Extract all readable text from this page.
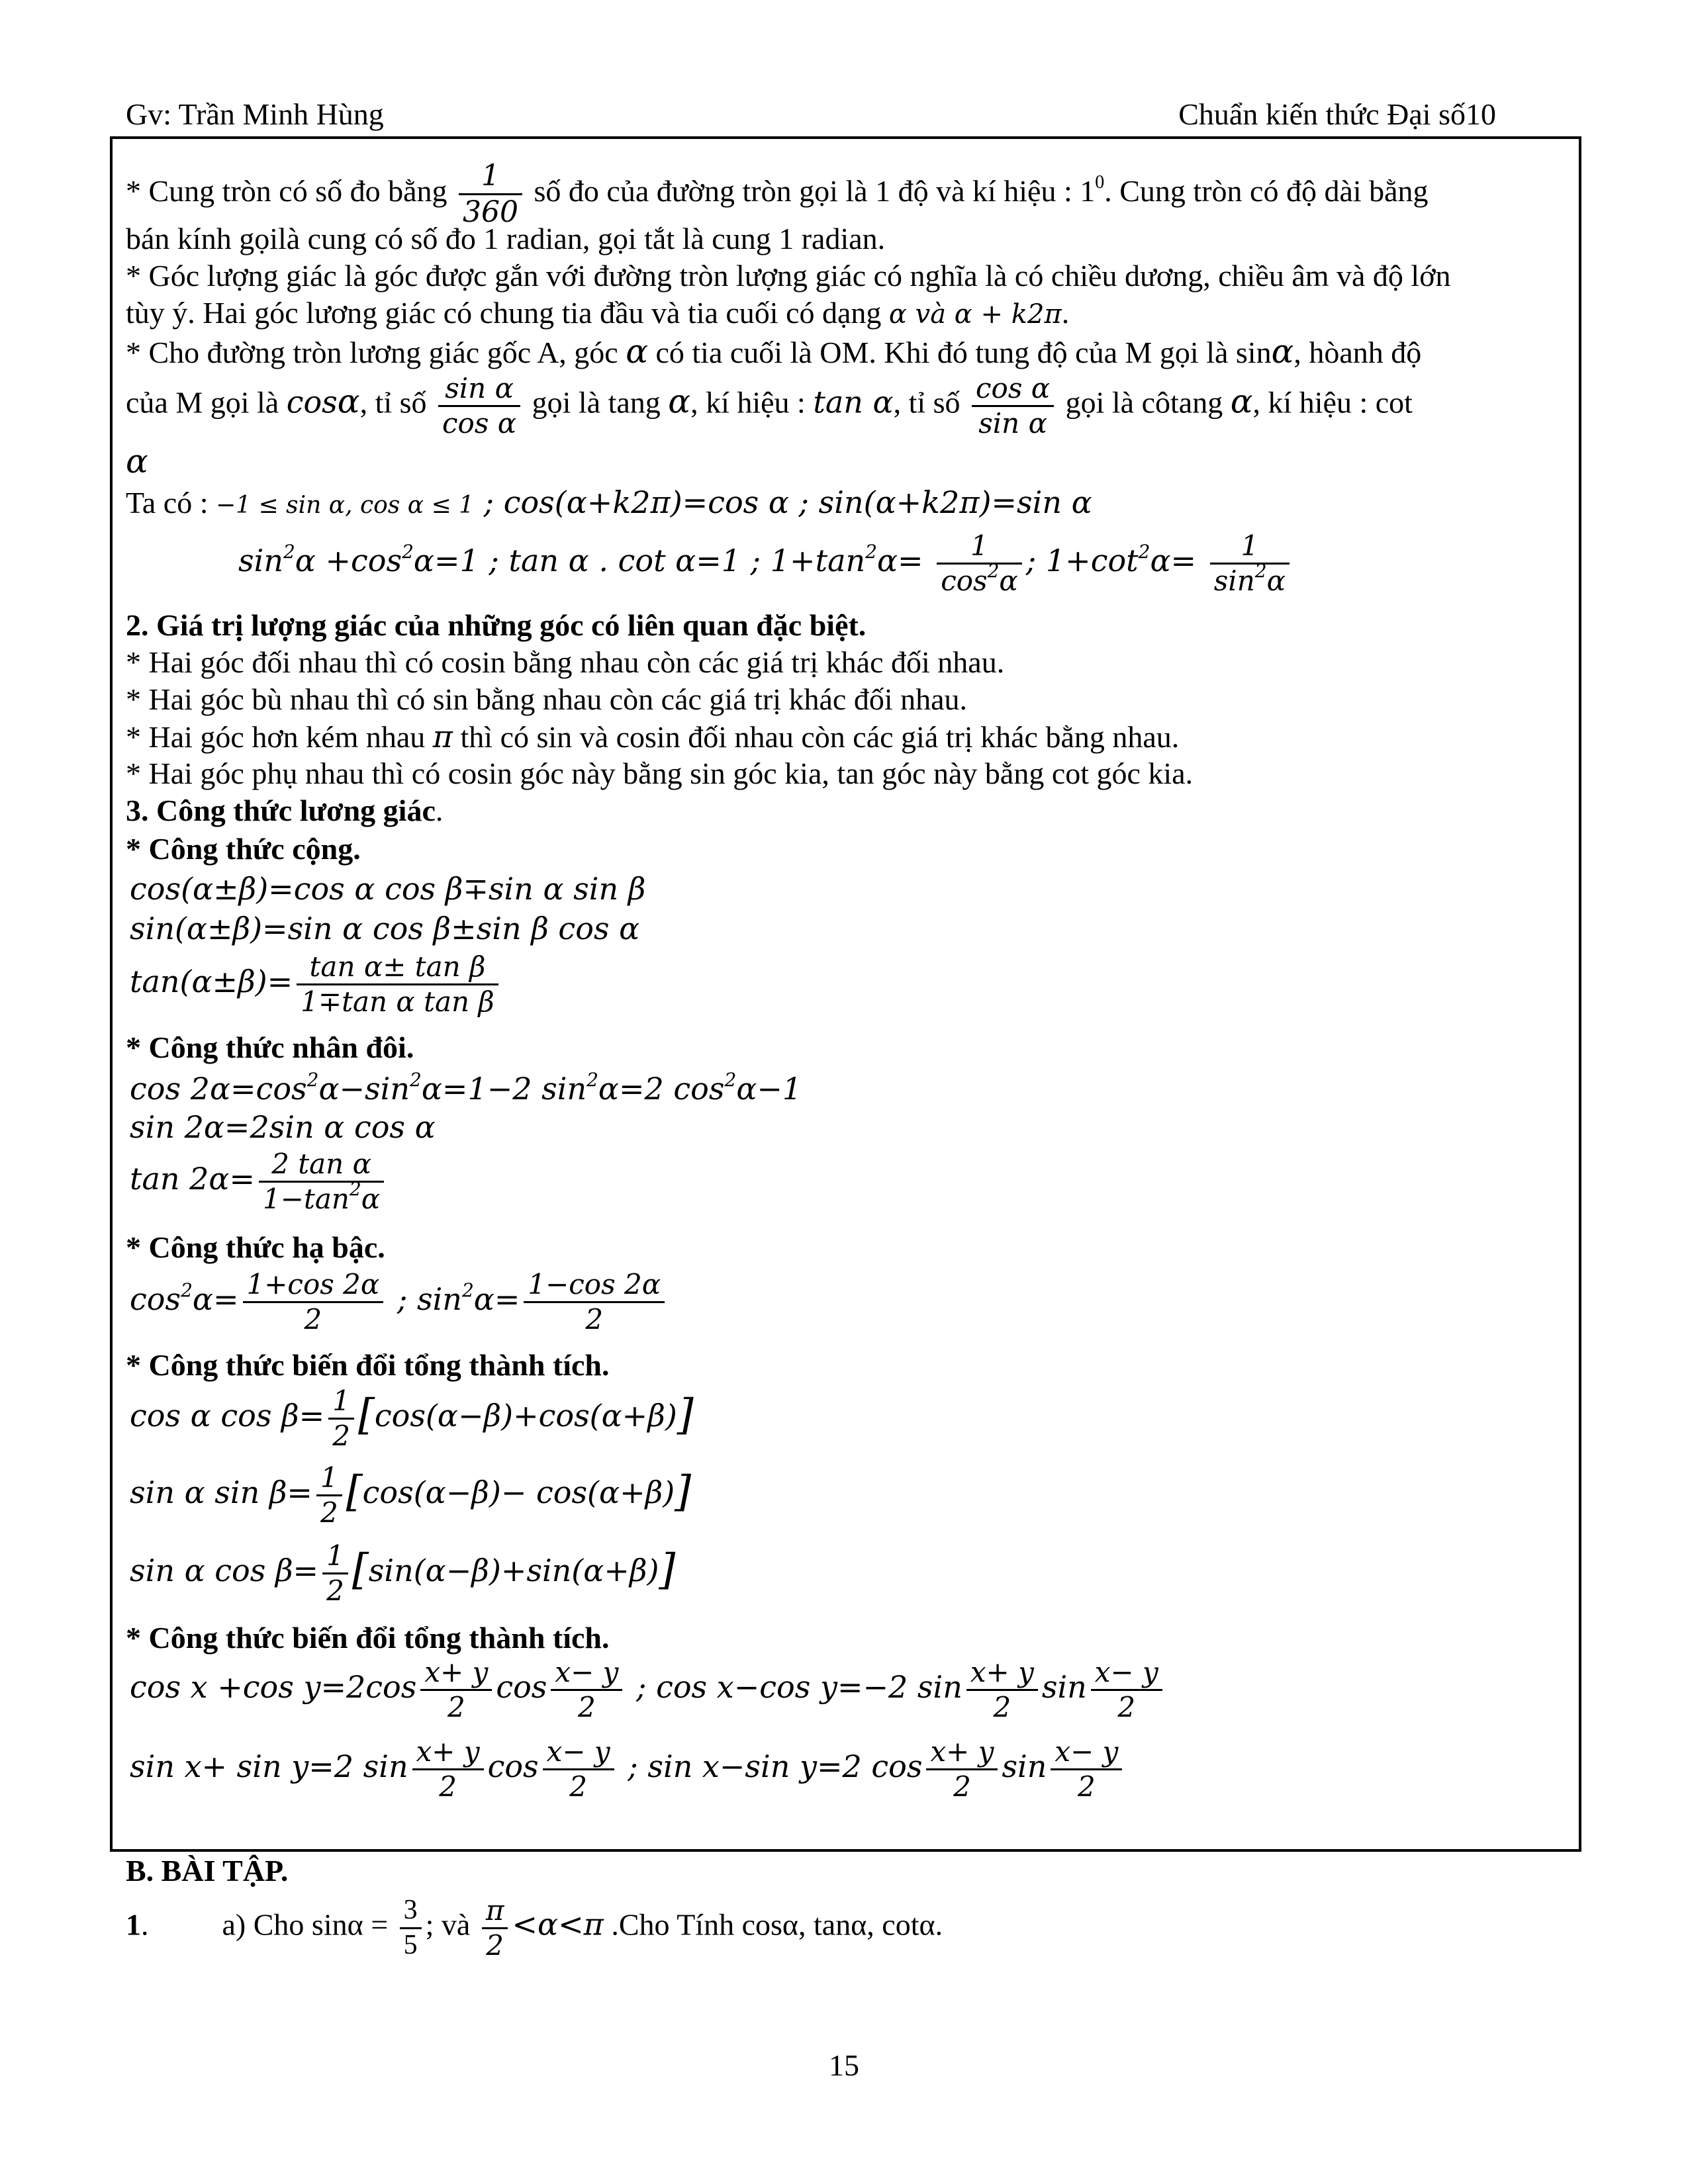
Gv: Trần Minh Hùng	Chuẩn kiến thức Đại số10
* Cung tròn có số đo bằng $\frac{1}{360}$ số đo của đường tròn gọi là 1 độ và kí hiệu : $1^0$. Cung tròn có độ dài bằng
bán kính gọilà cung có số đo 1 radian, gọi tắt là cung 1 radian.
* Góc lượng giác là góc được gắn với đường tròn lượng giác có nghĩa là có chiều dương, chiều âm và độ lớn
tùy ý. Hai góc lương giác có chung tia đầu và tia cuối có dạng α và α + k2π.
* Cho đường tròn lương giác gốc A, góc α có tia cuối là OM. Khi đó tung độ của M gọi là sinα, hòanh độ
của M gọi là cosα, tỉ số $\frac{\text{sin α}}{\text{cos α}}$ gọi là tang α, kí hiệu : tan α, tỉ số $\frac{\text{cos α}}{\text{sin α}}$ gọi là côtang α, kí hiệu : cot
α
Ta có : −1 ≤ sin α, cos α ≤ 1 ; cos(α+k2π)=cos α ; sin(α+k2π)=sin α
$\sin^2\alpha +\cos^2\alpha=1$ ; tan α . cot α=1 ; $1+\tan^2\alpha= \frac{1}{\cos^2\alpha}$ ; $1+\cot^2\alpha= \frac{1}{\sin^2\alpha}$
2. Giá trị lượng giác của những góc có liên quan đặc biệt.
* Hai góc đối nhau thì có cosin bằng nhau còn các giá trị khác đối nhau.
* Hai góc bù nhau thì có sin bằng nhau còn các giá trị khác đối nhau.
* Hai góc hơn kém nhau π thì có sin và cosin đối nhau còn các giá trị khác bằng nhau.
* Hai góc phụ nhau thì có cosin góc này bằng sin góc kia, tan góc này bằng cot góc kia.
3. Công thức lương giác.
* Công thức cộng.
cos(α±β)=cos α cos β∓sin α sin β
sin(α±β)=sin α cos β±sin β cos α
$\tan(\alpha\pm\beta)= \frac{\text{tan α± tan β}}{\text{1∓tan α tan β}}$
* Công thức nhân đôi.
$\cos 2\alpha=\cos^2\alpha-\sin^2\alpha=1-2$ $\sin^2\alpha=2$ $\cos^2\alpha-1$
sin 2α=2sin α cos α
$\tan 2\alpha= \frac{\text{2 tan α}}{1-\tan^2\alpha}$
* Công thức hạ bậc.
$\cos^2\alpha= \frac{1+\cos 2\alpha}{2}$ ; $\sin^2\alpha= \frac{1-\cos 2\alpha}{2}$
* Công thức biến đổi tổng thành tích.
cos α $\cos \beta= \frac{1}{2} [\cos(\alpha-\beta)+\cos(\alpha+\beta)]$
sin α $\sin \beta= \frac{1}{2} [\cos(\alpha-\beta)- \cos(\alpha+\beta)]$
sin α $\cos \beta= \frac{1}{2} [\sin(\alpha-\beta)+\sin(\alpha+\beta)]$
* Công thức biến đổi tổng thành tích.
cos x +cos $y=2\cos \frac{x+ y}{2}$ $\cos \frac{x- y}{2}$ ; cos x−cos y=−2 $\sin \frac{x+ y}{2}$ $\sin \frac{x- y}{2}$
sin x+ sin y=2 $\sin \frac{x+ y}{2}$ $\cos \frac{x- y}{2}$ ; sin x−sin y=2 $\cos \frac{x+ y}{2}$ $\sin \frac{x- y}{2}$
B. BÀI TẬP.
1. a) Cho $\sin\alpha = \frac{3}{5}$ ; và $\frac{\pi}{2} <\alpha<\pi$ .Cho Tính cosα, tanα, cotα.
15
